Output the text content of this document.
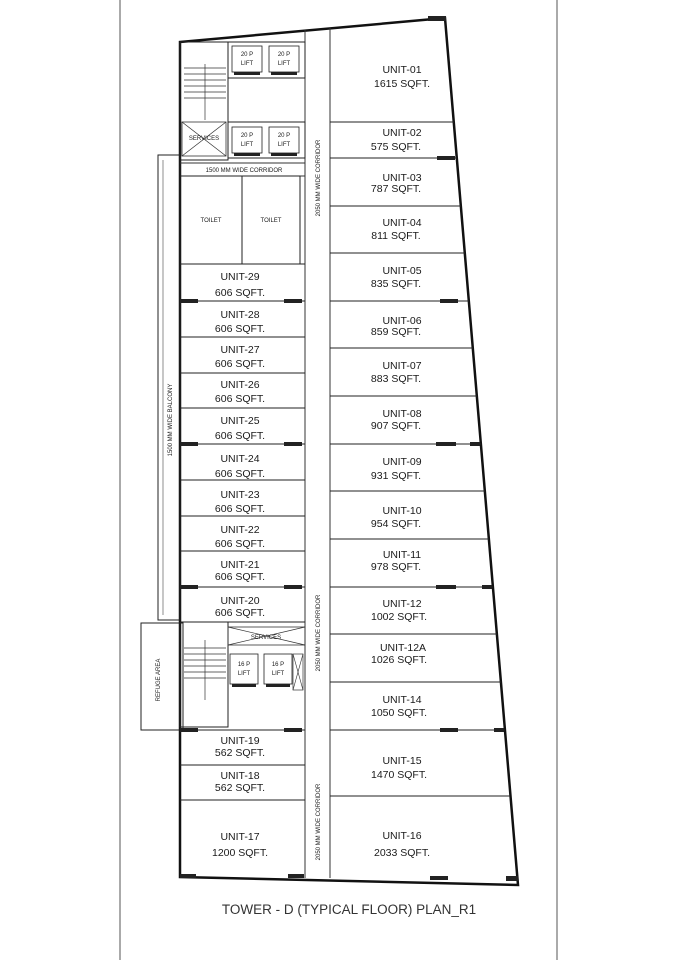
20 P
LIFT
20 P
LIFT
20 P
LIFT
20 P
LIFT
SERVICES
1500 MM WIDE CORRIDOR
TOILET	TOILET
SERVICES
16 P
LIFT
16 P
LIFT
2050 MM WIDE CORRIDOR
2050 MM WIDE CORRIDOR
2050 MM WIDE CORRIDOR
1500 MM WIDE BALCONY
REFUGE AREA
UNIT-01
1615 SQFT.
UNIT-02
575 SQFT.
UNIT-03
787 SQFT.
UNIT-04
811 SQFT.
UNIT-05
835 SQFT.
UNIT-06
859 SQFT.
UNIT-07
883 SQFT.
UNIT-08
907 SQFT.
UNIT-09
931 SQFT.
UNIT-10
954 SQFT.
UNIT-11
978 SQFT.
UNIT-12
1002 SQFT.
UNIT-12A
1026 SQFT.
UNIT-14
1050 SQFT.
UNIT-15
1470 SQFT.
UNIT-16
2033 SQFT.
UNIT-29
606 SQFT.
UNIT-28
606 SQFT.
UNIT-27
606 SQFT.
UNIT-26
606 SQFT.
UNIT-25
606 SQFT.
UNIT-24
606 SQFT.
UNIT-23
606 SQFT.
UNIT-22
606 SQFT.
UNIT-21
606 SQFT.
UNIT-20
606 SQFT.
UNIT-19
562 SQFT.
UNIT-18
562 SQFT.
UNIT-17
1200 SQFT.
TOWER - D (TYPICAL FLOOR) PLAN_R1
